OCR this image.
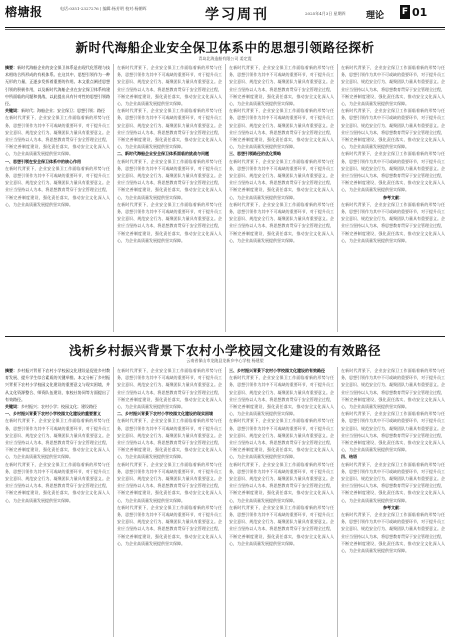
榕塘报	电话:0351-2327276 | 编辑:杨芳明 校对:杨朝晖	学习周刊	2025年4月3日 星期四 理论 F 01
新时代海船企业安全保卫体系中的思想引领路径探析
青岛北海造船有限公司 姜定震
摘要：新时代海船企业的安全保卫体系是由现代化管理与技术相结合所形成的有机体系。在这其中，思想引领作为一种无形的力量，正逐步发挥着重要的作用。本文重点阐述思想引领的积极作用，以及新时代海船企业在安全保卫体系构建中所面临的问题和挑战，以此提出具有针对性的思想引领路径。
关键词：新时代；海船企业；安全保卫；思想引领；路径
在新时代背景下，企业安全保卫工作面临着新的形势与任务，思想引领作为其中不可或缺的重要环节，对于提升员工安全意识、规范安全行为、凝聚团队力量具有重要意义。企业应当坚持以人为本，将思想教育贯穿于安全管理全过程，不断完善制度建设，强化责任落实，推动安全文化深入人心，为企业高质量发展提供坚实保障。
一、思想引领在安全保卫体系中的核心作用
在新时代背景下，企业安全保卫工作面临着新的形势与任务，思想引领作为其中不可或缺的重要环节，对于提升员工安全意识、规范安全行为、凝聚团队力量具有重要意义。企业应当坚持以人为本，将思想教育贯穿于安全管理全过程，不断完善制度建设，强化责任落实，推动安全文化深入人心，为企业高质量发展提供坚实保障。
在新时代背景下，企业安全保卫工作面临着新的形势与任务，思想引领作为其中不可或缺的重要环节，对于提升员工安全意识、规范安全行为、凝聚团队力量具有重要意义。企业应当坚持以人为本，将思想教育贯穿于安全管理全过程，不断完善制度建设，强化责任落实，推动安全文化深入人心，为企业高质量发展提供坚实保障。
在新时代背景下，企业安全保卫工作面临着新的形势与任务，思想引领作为其中不可或缺的重要环节，对于提升员工安全意识、规范安全行为、凝聚团队力量具有重要意义。企业应当坚持以人为本，将思想教育贯穿于安全管理全过程，不断完善制度建设，强化责任落实，推动安全文化深入人心，为企业高质量发展提供坚实保障。
二、新时代海船企业安全保卫体系面临的挑战与问题
在新时代背景下，企业安全保卫工作面临着新的形势与任务，思想引领作为其中不可或缺的重要环节，对于提升员工安全意识、规范安全行为、凝聚团队力量具有重要意义。企业应当坚持以人为本，将思想教育贯穿于安全管理全过程，不断完善制度建设，强化责任落实，推动安全文化深入人心，为企业高质量发展提供坚实保障。
在新时代背景下，企业安全保卫工作面临着新的形势与任务，思想引领作为其中不可或缺的重要环节，对于提升员工安全意识、规范安全行为、凝聚团队力量具有重要意义。企业应当坚持以人为本，将思想教育贯穿于安全管理全过程，不断完善制度建设，强化责任落实，推动安全文化深入人心，为企业高质量发展提供坚实保障。
在新时代背景下，企业安全保卫工作面临着新的形势与任务，思想引领作为其中不可或缺的重要环节，对于提升员工安全意识、规范安全行为、凝聚团队力量具有重要意义。企业应当坚持以人为本，将思想教育贯穿于安全管理全过程，不断完善制度建设，强化责任落实，推动安全文化深入人心，为企业高质量发展提供坚实保障。
在新时代背景下，企业安全保卫工作面临着新的形势与任务，思想引领作为其中不可或缺的重要环节，对于提升员工安全意识、规范安全行为、凝聚团队力量具有重要意义。企业应当坚持以人为本，将思想教育贯穿于安全管理全过程，不断完善制度建设，强化责任落实，推动安全文化深入人心，为企业高质量发展提供坚实保障。
三、思想引领路径的优化策略
在新时代背景下，企业安全保卫工作面临着新的形势与任务，思想引领作为其中不可或缺的重要环节，对于提升员工安全意识、规范安全行为、凝聚团队力量具有重要意义。企业应当坚持以人为本，将思想教育贯穿于安全管理全过程，不断完善制度建设，强化责任落实，推动安全文化深入人心，为企业高质量发展提供坚实保障。
在新时代背景下，企业安全保卫工作面临着新的形势与任务，思想引领作为其中不可或缺的重要环节，对于提升员工安全意识、规范安全行为、凝聚团队力量具有重要意义。企业应当坚持以人为本，将思想教育贯穿于安全管理全过程，不断完善制度建设，强化责任落实，推动安全文化深入人心，为企业高质量发展提供坚实保障。
在新时代背景下，企业安全保卫工作面临着新的形势与任务，思想引领作为其中不可或缺的重要环节，对于提升员工安全意识、规范安全行为、凝聚团队力量具有重要意义。企业应当坚持以人为本，将思想教育贯穿于安全管理全过程，不断完善制度建设，强化责任落实，推动安全文化深入人心，为企业高质量发展提供坚实保障。
在新时代背景下，企业安全保卫工作面临着新的形势与任务，思想引领作为其中不可或缺的重要环节，对于提升员工安全意识、规范安全行为、凝聚团队力量具有重要意义。企业应当坚持以人为本，将思想教育贯穿于安全管理全过程，不断完善制度建设，强化责任落实，推动安全文化深入人心，为企业高质量发展提供坚实保障。
在新时代背景下，企业安全保卫工作面临着新的形势与任务，思想引领作为其中不可或缺的重要环节，对于提升员工安全意识、规范安全行为、凝聚团队力量具有重要意义。企业应当坚持以人为本，将思想教育贯穿于安全管理全过程，不断完善制度建设，强化责任落实，推动安全文化深入人心，为企业高质量发展提供坚实保障。
参考文献：
在新时代背景下，企业安全保卫工作面临着新的形势与任务，思想引领作为其中不可或缺的重要环节，对于提升员工安全意识、规范安全行为、凝聚团队力量具有重要意义。企业应当坚持以人为本，将思想教育贯穿于安全管理全过程，不断完善制度建设，强化责任落实，推动安全文化深入人心，为企业高质量发展提供坚实保障。
浅析乡村振兴背景下农村小学校园文化建设的有效路径
云南省保山市龙陵县龙新乡中心学校 杨建望
摘要：乡村振兴背景下农村小学校园文化建设是促进乡村教育发展、提升学生综合素质的关键举措。本文分析了乡村振兴背景下农村小学校园文化建设的重要意义与现实困境，并从文化资源整合、师资队伍建设、家校社协同等方面提出了有效路径。
关键词：乡村振兴；农村小学；校园文化；建设路径
一、乡村振兴背景下农村小学校园文化建设的重要意义
在新时代背景下，企业安全保卫工作面临着新的形势与任务，思想引领作为其中不可或缺的重要环节，对于提升员工安全意识、规范安全行为、凝聚团队力量具有重要意义。企业应当坚持以人为本，将思想教育贯穿于安全管理全过程，不断完善制度建设，强化责任落实，推动安全文化深入人心，为企业高质量发展提供坚实保障。
在新时代背景下，企业安全保卫工作面临着新的形势与任务，思想引领作为其中不可或缺的重要环节，对于提升员工安全意识、规范安全行为、凝聚团队力量具有重要意义。企业应当坚持以人为本，将思想教育贯穿于安全管理全过程，不断完善制度建设，强化责任落实，推动安全文化深入人心，为企业高质量发展提供坚实保障。
在新时代背景下，企业安全保卫工作面临着新的形势与任务，思想引领作为其中不可或缺的重要环节，对于提升员工安全意识、规范安全行为、凝聚团队力量具有重要意义。企业应当坚持以人为本，将思想教育贯穿于安全管理全过程，不断完善制度建设，强化责任落实，推动安全文化深入人心，为企业高质量发展提供坚实保障。
二、乡村振兴背景下农村小学校园文化建设的现实困境
在新时代背景下，企业安全保卫工作面临着新的形势与任务，思想引领作为其中不可或缺的重要环节，对于提升员工安全意识、规范安全行为、凝聚团队力量具有重要意义。企业应当坚持以人为本，将思想教育贯穿于安全管理全过程，不断完善制度建设，强化责任落实，推动安全文化深入人心，为企业高质量发展提供坚实保障。
在新时代背景下，企业安全保卫工作面临着新的形势与任务，思想引领作为其中不可或缺的重要环节，对于提升员工安全意识、规范安全行为、凝聚团队力量具有重要意义。企业应当坚持以人为本，将思想教育贯穿于安全管理全过程，不断完善制度建设，强化责任落实，推动安全文化深入人心，为企业高质量发展提供坚实保障。
在新时代背景下，企业安全保卫工作面临着新的形势与任务，思想引领作为其中不可或缺的重要环节，对于提升员工安全意识、规范安全行为、凝聚团队力量具有重要意义。企业应当坚持以人为本，将思想教育贯穿于安全管理全过程，不断完善制度建设，强化责任落实，推动安全文化深入人心，为企业高质量发展提供坚实保障。
三、乡村振兴背景下农村小学校园文化建设的有效路径
在新时代背景下，企业安全保卫工作面临着新的形势与任务，思想引领作为其中不可或缺的重要环节，对于提升员工安全意识、规范安全行为、凝聚团队力量具有重要意义。企业应当坚持以人为本，将思想教育贯穿于安全管理全过程，不断完善制度建设，强化责任落实，推动安全文化深入人心，为企业高质量发展提供坚实保障。
在新时代背景下，企业安全保卫工作面临着新的形势与任务，思想引领作为其中不可或缺的重要环节，对于提升员工安全意识、规范安全行为、凝聚团队力量具有重要意义。企业应当坚持以人为本，将思想教育贯穿于安全管理全过程，不断完善制度建设，强化责任落实，推动安全文化深入人心，为企业高质量发展提供坚实保障。
在新时代背景下，企业安全保卫工作面临着新的形势与任务，思想引领作为其中不可或缺的重要环节，对于提升员工安全意识、规范安全行为、凝聚团队力量具有重要意义。企业应当坚持以人为本，将思想教育贯穿于安全管理全过程，不断完善制度建设，强化责任落实，推动安全文化深入人心，为企业高质量发展提供坚实保障。
在新时代背景下，企业安全保卫工作面临着新的形势与任务，思想引领作为其中不可或缺的重要环节，对于提升员工安全意识、规范安全行为、凝聚团队力量具有重要意义。企业应当坚持以人为本，将思想教育贯穿于安全管理全过程，不断完善制度建设，强化责任落实，推动安全文化深入人心，为企业高质量发展提供坚实保障。
在新时代背景下，企业安全保卫工作面临着新的形势与任务，思想引领作为其中不可或缺的重要环节，对于提升员工安全意识、规范安全行为、凝聚团队力量具有重要意义。企业应当坚持以人为本，将思想教育贯穿于安全管理全过程，不断完善制度建设，强化责任落实，推动安全文化深入人心，为企业高质量发展提供坚实保障。
在新时代背景下，企业安全保卫工作面临着新的形势与任务，思想引领作为其中不可或缺的重要环节，对于提升员工安全意识、规范安全行为、凝聚团队力量具有重要意义。企业应当坚持以人为本，将思想教育贯穿于安全管理全过程，不断完善制度建设，强化责任落实，推动安全文化深入人心，为企业高质量发展提供坚实保障。
四、结语
在新时代背景下，企业安全保卫工作面临着新的形势与任务，思想引领作为其中不可或缺的重要环节，对于提升员工安全意识、规范安全行为、凝聚团队力量具有重要意义。企业应当坚持以人为本，将思想教育贯穿于安全管理全过程，不断完善制度建设，强化责任落实，推动安全文化深入人心，为企业高质量发展提供坚实保障。
参考文献：
在新时代背景下，企业安全保卫工作面临着新的形势与任务，思想引领作为其中不可或缺的重要环节，对于提升员工安全意识、规范安全行为、凝聚团队力量具有重要意义。企业应当坚持以人为本，将思想教育贯穿于安全管理全过程，不断完善制度建设，强化责任落实，推动安全文化深入人心，为企业高质量发展提供坚实保障。
